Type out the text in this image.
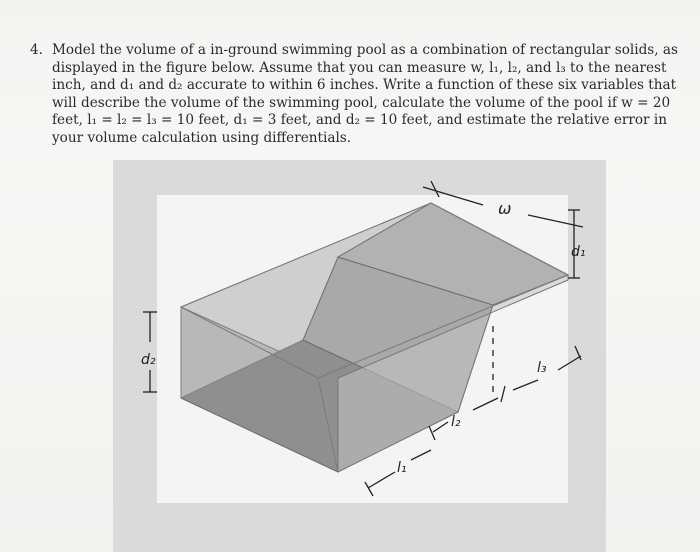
4. Model the volume of a in-ground swimming pool as a combination of rectangular solids, as
displayed in the figure below. Assume that you can measure w, l₁, l₂, and l₃ to the nearest
inch, and d₁ and d₂ accurate to within 6 inches. Write a function of these six variables that
will describe the volume of the swimming pool, calculate the volume of the pool if w = 20
feet, l₁ = l₂ = l₃ = 10 feet, d₁ = 3 feet, and d₂ = 10 feet, and estimate the relative error in
your volume calculation using differentials.
ω
d₁
d₂	l₃
l₂
l₁
